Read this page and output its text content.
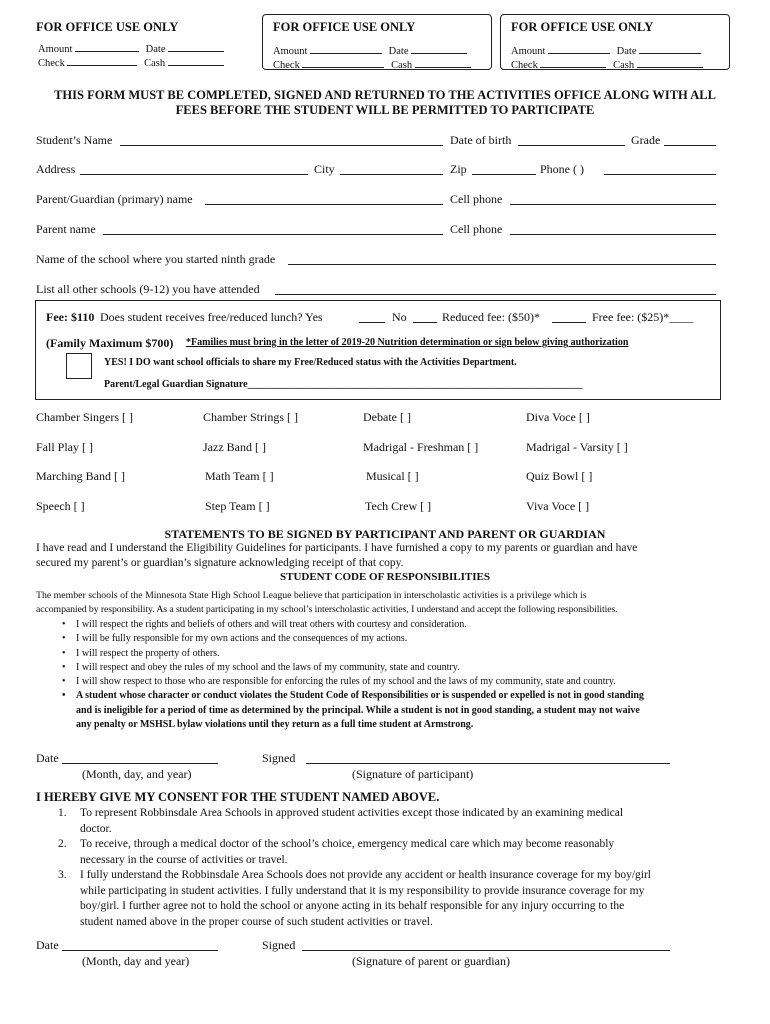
FOR OFFICE USE ONLY
Amount	Date
Check	Cash
FOR OFFICE USE ONLY
Amount	Date
Check	Cash
FOR OFFICE USE ONLY
Amount	Date
Check	Cash
THIS FORM MUST BE COMPLETED, SIGNED AND RETURNED TO THE ACTIVITIES OFFICE ALONG WITH ALL
FEES BEFORE THE STUDENT WILL BE PERMITTED TO PARTICIPATE
Student’s Name	Date of birth	Grade
Address	City	Zip	Phone ( )
Parent/Guardian (primary) name	Cell phone
Parent name	Cell phone
Name of the school where you started ninth grade
List all other schools (9-12) you have attended
Fee: $110 Does student receives free/reduced lunch? Yes	No	Reduced fee: ($50)*	Free fee: ($25)*____
(Family Maximum $700) *Families must bring in the letter of 2019-20 Nutrition determination or sign below giving authorization
YES! I DO want school officials to share my Free/Reduced status with the Activities Department.
Parent/Legal Guardian Signature___________________________________________________________________
Chamber Singers [ ]	Chamber Strings [ ]	Debate [ ]	Diva Voce [ ]
Fall Play [ ]	Jazz Band [ ]	Madrigal - Freshman [ ]	Madrigal - Varsity [ ]
Marching Band [ ]	Math Team [ ]	Musical [ ]	Quiz Bowl [ ]
Speech [ ]	Step Team [ ]	Tech Crew [ ]	Viva Voce [ ]
STATEMENTS TO BE SIGNED BY PARTICIPANT AND PARENT OR GUARDIAN
I have read and I understand the Eligibility Guidelines for participants. I have furnished a copy to my parents or guardian and have
secured my parent’s or guardian’s signature acknowledging receipt of that copy.
STUDENT CODE OF RESPONSIBILITIES
The member schools of the Minnesota State High School League believe that participation in interscholastic activities is a privilege which is
accompanied by responsibility. As a student participating in my school’s interscholastic activities, I understand and accept the following responsibilities.
• I will respect the rights and beliefs of others and will treat others with courtesy and consideration.
• I will be fully responsible for my own actions and the consequences of my actions.
• I will respect the property of others.
• I will respect and obey the rules of my school and the laws of my community, state and country.
• I will show respect to those who are responsible for enforcing the rules of my school and the laws of my community, state and country.
• A student whose character or conduct violates the Student Code of Responsibilities or is suspended or expelled is not in good standing
and is ineligible for a period of time as determined by the principal. While a student is not in good standing, a student may not waive
any penalty or MSHSL bylaw violations until they return as a full time student at Armstrong.
Date	Signed
(Month, day, and year)	(Signature of participant)
I HEREBY GIVE MY CONSENT FOR THE STUDENT NAMED ABOVE.
1. To represent Robbinsdale Area Schools in approved student activities except those indicated by an examining medical
doctor.
2. To receive, through a medical doctor of the school’s choice, emergency medical care which may become reasonably
necessary in the course of activities or travel.
3. I fully understand the Robbinsdale Area Schools does not provide any accident or health insurance coverage for my boy/girl
while participating in student activities. I fully understand that it is my responsibility to provide insurance coverage for my
boy/girl. I further agree not to hold the school or anyone acting in its behalf responsible for any injury occurring to the
student named above in the proper course of such student activities or travel.
Date	Signed
(Month, day and year)	(Signature of parent or guardian)
